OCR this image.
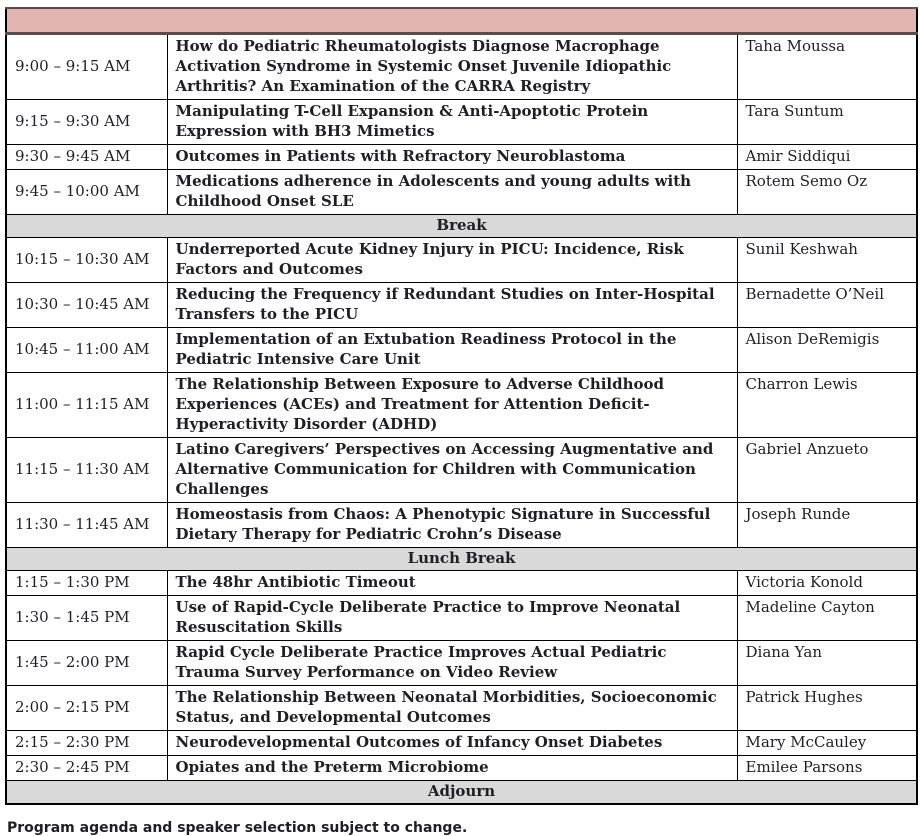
9:00 – 9:15 AM	How do Pediatric Rheumatologists Diagnose Macrophage Activation Syndrome in Systemic Onset Juvenile Idiopathic Arthritis? An Examination of the CARRA Registry	Taha Moussa
9:15 – 9:30 AM	Manipulating T-Cell Expansion & Anti-Apoptotic Protein Expression with BH3 Mimetics	Tara Suntum
9:30 – 9:45 AM	Outcomes in Patients with Refractory Neuroblastoma	Amir Siddiqui
9:45 – 10:00 AM	Medications adherence in Adolescents and young adults with Childhood Onset SLE	Rotem Semo Oz
Break		
10:15 – 10:30 AM	Underreported Acute Kidney Injury in PICU: Incidence, Risk Factors and Outcomes	Sunil Keshwah
10:30 – 10:45 AM	Reducing the Frequency if Redundant Studies on Inter-Hospital Transfers to the PICU	Bernadette O’Neil
10:45 – 11:00 AM	Implementation of an Extubation Readiness Protocol in the Pediatric Intensive Care Unit	Alison DeRemigis
11:00 – 11:15 AM	The Relationship Between Exposure to Adverse Childhood Experiences (ACEs) and Treatment for Attention Deficit-Hyperactivity Disorder (ADHD)	Charron Lewis
11:15 – 11:30 AM	Latino Caregivers’ Perspectives on Accessing Augmentative and Alternative Communication for Children with Communication Challenges	Gabriel Anzueto
11:30 – 11:45 AM	Homeostasis from Chaos: A Phenotypic Signature in Successful Dietary Therapy for Pediatric Crohn’s Disease	Joseph Runde
Lunch Break		
1:15 – 1:30 PM	The 48hr Antibiotic Timeout	Victoria Konold
1:30 – 1:45 PM	Use of Rapid-Cycle Deliberate Practice to Improve Neonatal Resuscitation Skills	Madeline Cayton
1:45 – 2:00 PM	Rapid Cycle Deliberate Practice Improves Actual Pediatric Trauma Survey Performance on Video Review	Diana Yan
2:00 – 2:15 PM	The Relationship Between Neonatal Morbidities, Socioeconomic Status, and Developmental Outcomes	Patrick Hughes
2:15 – 2:30 PM	Neurodevelopmental Outcomes of Infancy Onset Diabetes	Mary McCauley
2:30 – 2:45 PM	Opiates and the Preterm Microbiome	Emilee Parsons
Adjourn		

Program agenda and speaker selection subject to change.
